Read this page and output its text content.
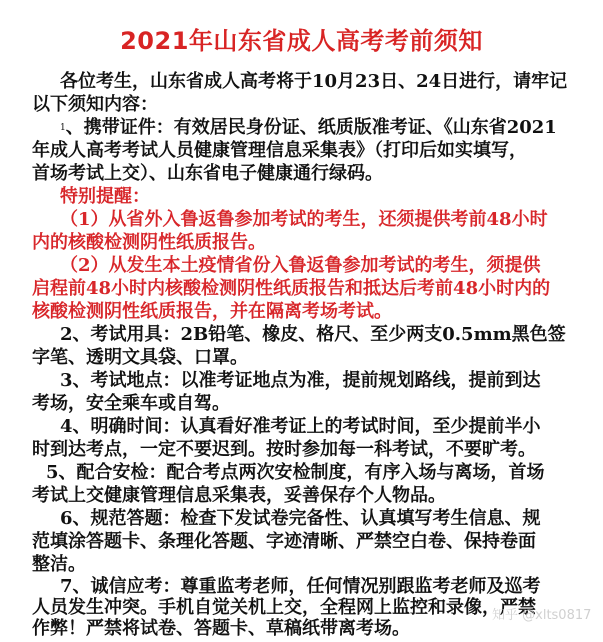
2021年山东省成人高考考前须知
各位考生，山东省成人高考将于10月23日、24日进行，请牢记
以下须知内容：
1、携带证件：有效居民身份证、纸质版准考证、《山东省2021
年成人高考考试人员健康管理信息采集表》（打印后如实填写，
首场考试上交）、山东省电子健康通行绿码。
特别提醒：
（1）从省外入鲁返鲁参加考试的考生，还须提供考前48小时
内的核酸检测阴性纸质报告。
（2）从发生本土疫情省份入鲁返鲁参加考试的考生，须提供
启程前48小时内核酸检测阴性纸质报告和抵达后考前48小时内的
核酸检测阴性纸质报告，并在隔离考场考试。
2、考试用具：2B铅笔、橡皮、格尺、至少两支0.5mm黑色签
字笔、透明文具袋、口罩。
3、考试地点：以准考证地点为准，提前规划路线，提前到达
考场，安全乘车或自驾。
4、明确时间：认真看好准考证上的考试时间，至少提前半小
时到达考点，一定不要迟到。按时参加每一科考试，不要旷考。
5、配合安检：配合考点两次安检制度，有序入场与离场，首场
考试上交健康管理信息采集表，妥善保存个人物品。
6、规范答题：检查下发试卷完备性、认真填写考生信息、规
范填涂答题卡、条理化答题、字迹清晰、严禁空白卷、保持卷面
整洁。
7、诚信应考：尊重监考老师，任何情况别跟监考老师及巡考
人员发生冲突。手机自觉关机上交，全程网上监控和录像，严禁
作弊！严禁将试卷、答题卡、草稿纸带离考场。
知乎 @xlts0817
